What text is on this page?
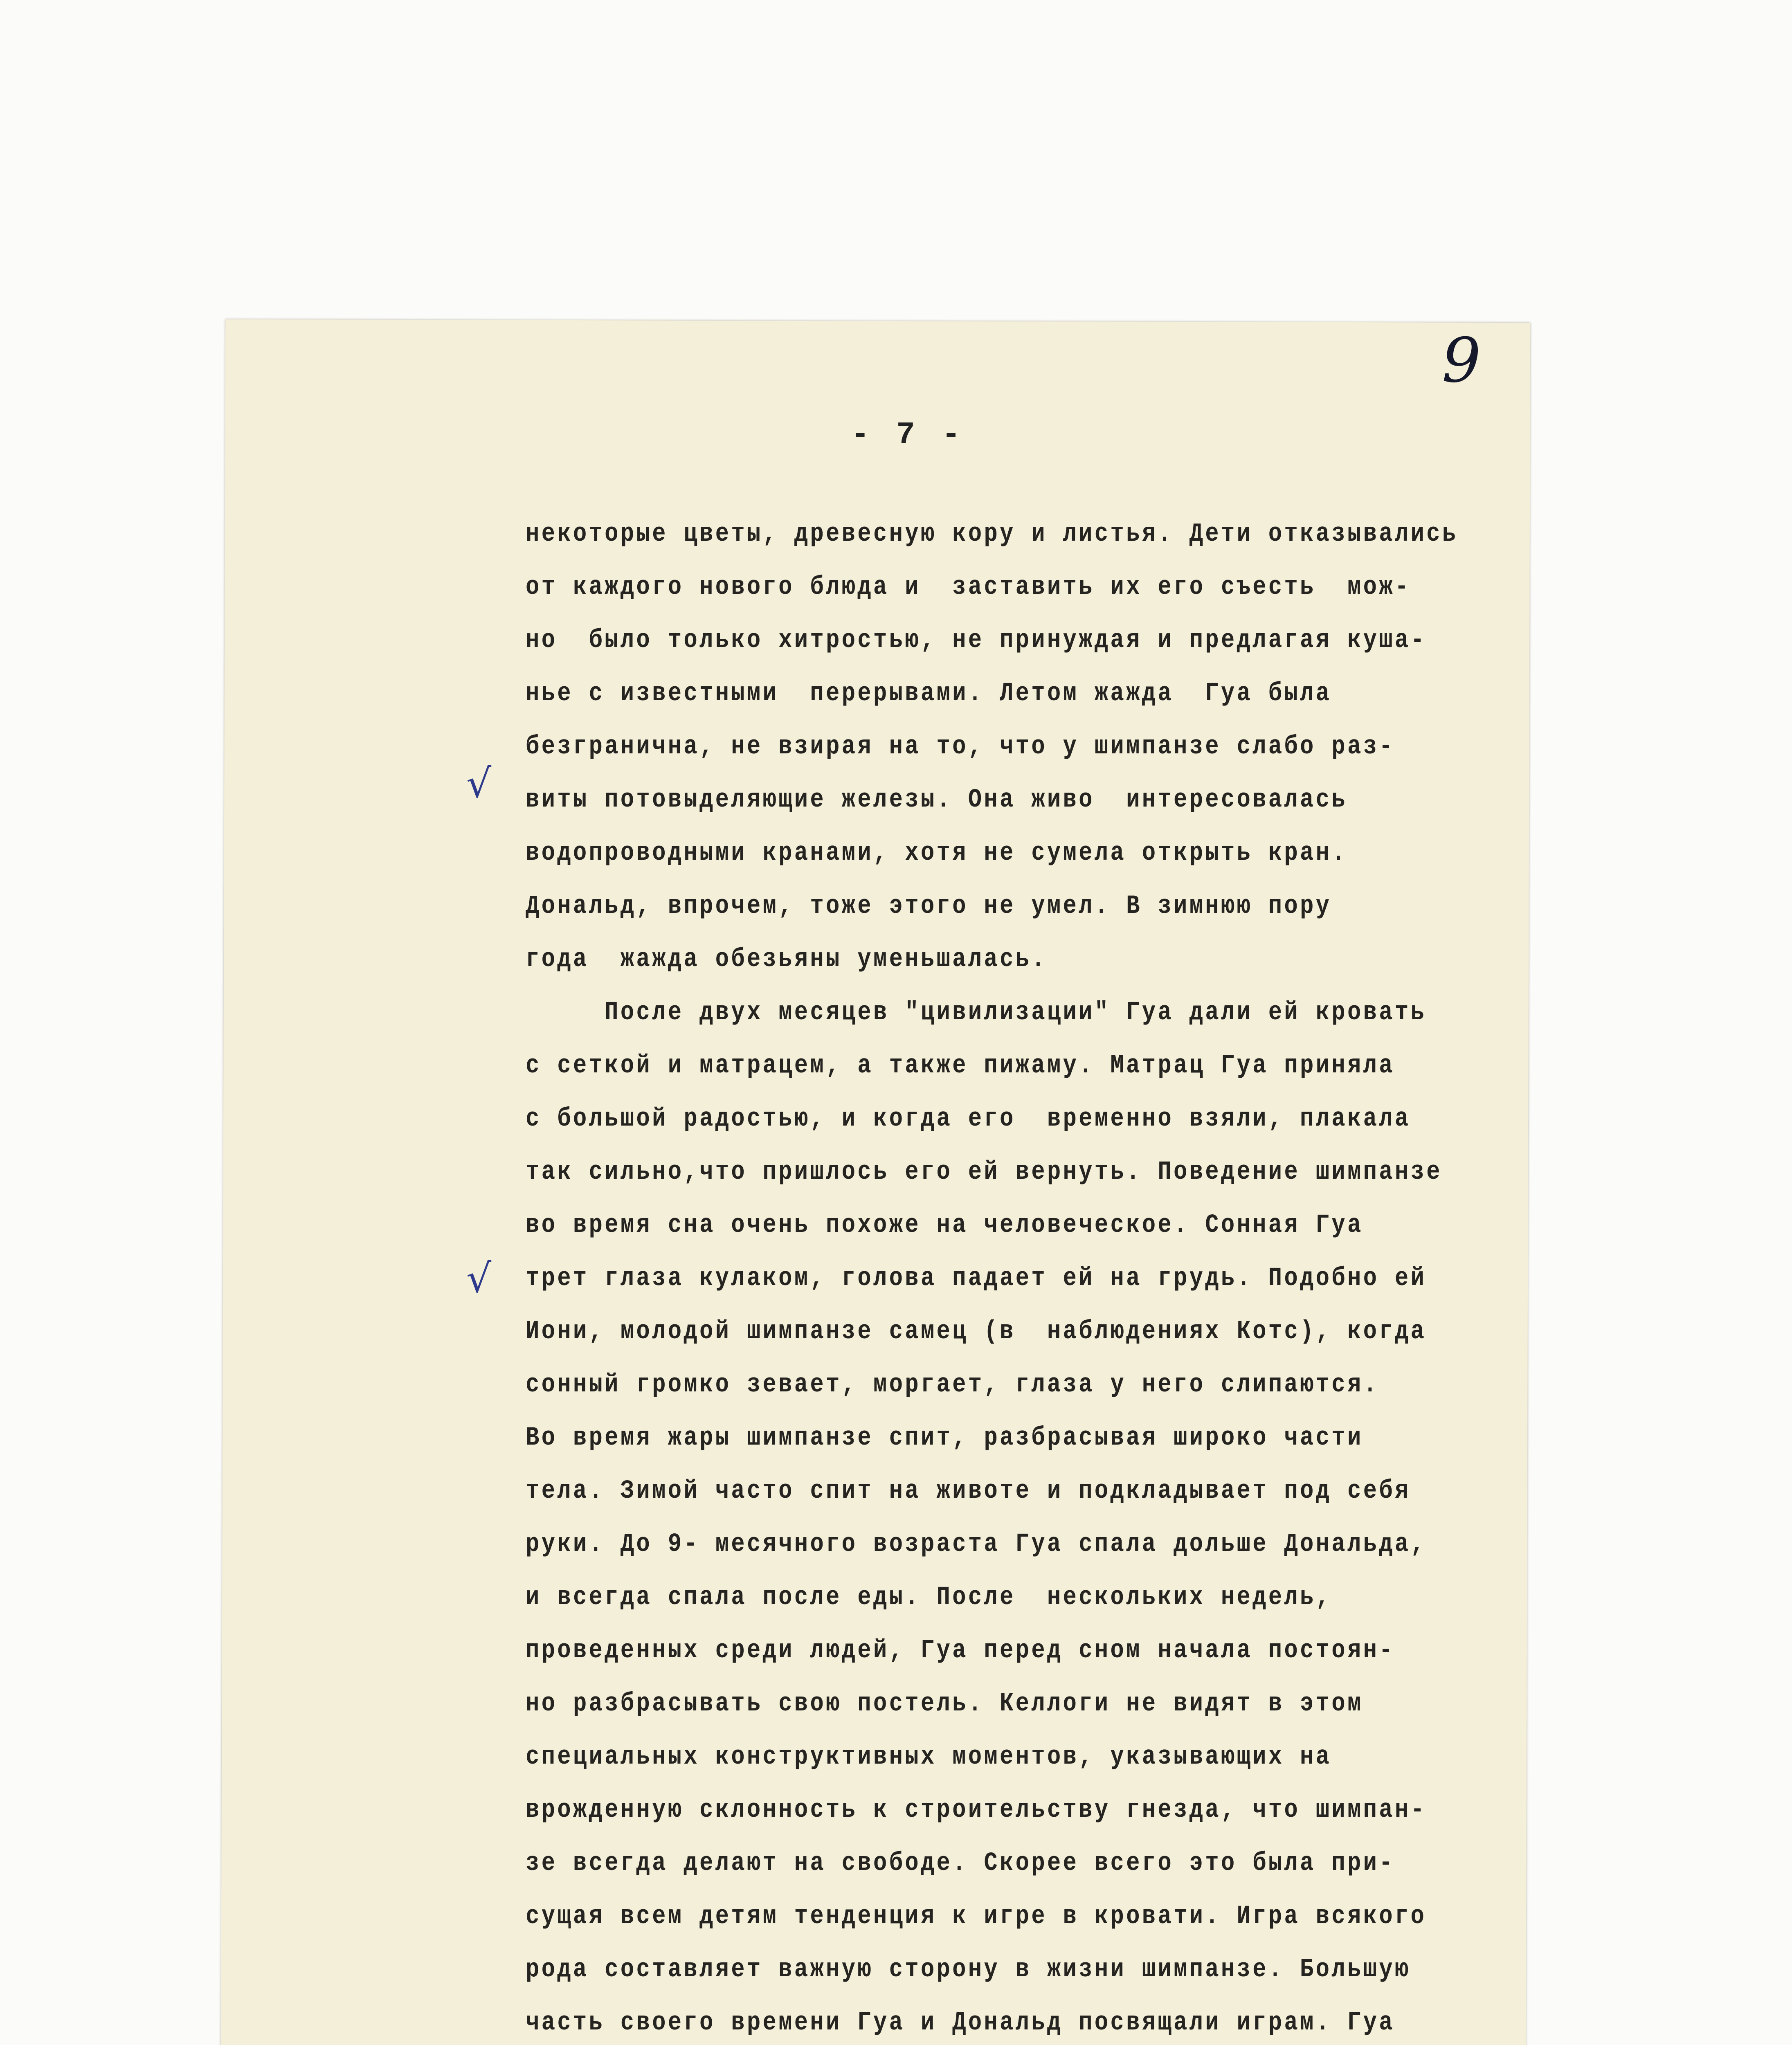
9
- 7 -
√
√
некоторые цветы, древесную кору и листья. Дети отказывались
от каждого нового блюда и  заставить их его съесть  мож-
но  было только хитростью, не принуждая и предлагая куша-
нье с известными  перерывами. Летом жажда  Гуа была
безгранична, не взирая на то, что у шимпанзе слабо раз-
виты потовыделяющие железы. Она живо  интересовалась
водопроводными кранами, хотя не сумела открыть кран.
Дональд, впрочем, тоже этого не умел. В зимнюю пору
года  жажда обезьяны уменьшалась.
После двух месяцев "цивилизации" Гуа дали ей кровать
с сеткой и матрацем, а также пижаму. Матрац Гуа приняла
с большой радостью, и когда его  временно взяли, плакала
так сильно,что пришлось его ей вернуть. Поведение шимпанзе
во время сна очень похоже на человеческое. Сонная Гуа
трет глаза кулаком, голова падает ей на грудь. Подобно ей
Иони, молодой шимпанзе самец (в  наблюдениях Котс), когда
сонный громко зевает, моргает, глаза у него слипаются.
Во время жары шимпанзе спит, разбрасывая широко части
тела. Зимой часто спит на животе и подкладывает под себя
руки. До 9- месячного возраста Гуа спала дольше Дональда,
и всегда спала после еды. После  нескольких недель,
проведенных среди людей, Гуа перед сном начала постоян-
но разбрасывать свою постель. Келлоги не видят в этом
специальных конструктивных моментов, указывающих на
врожденную склонность к строительству гнезда, что шимпан-
зе всегда делают на свободе. Скорее всего это была при-
сущая всем детям тенденция к игре в кровати. Игра всякого
рода составляет важную сторону в жизни шимпанзе. Большую
часть своего времени Гуа и Дональд посвящали играм. Гуа
